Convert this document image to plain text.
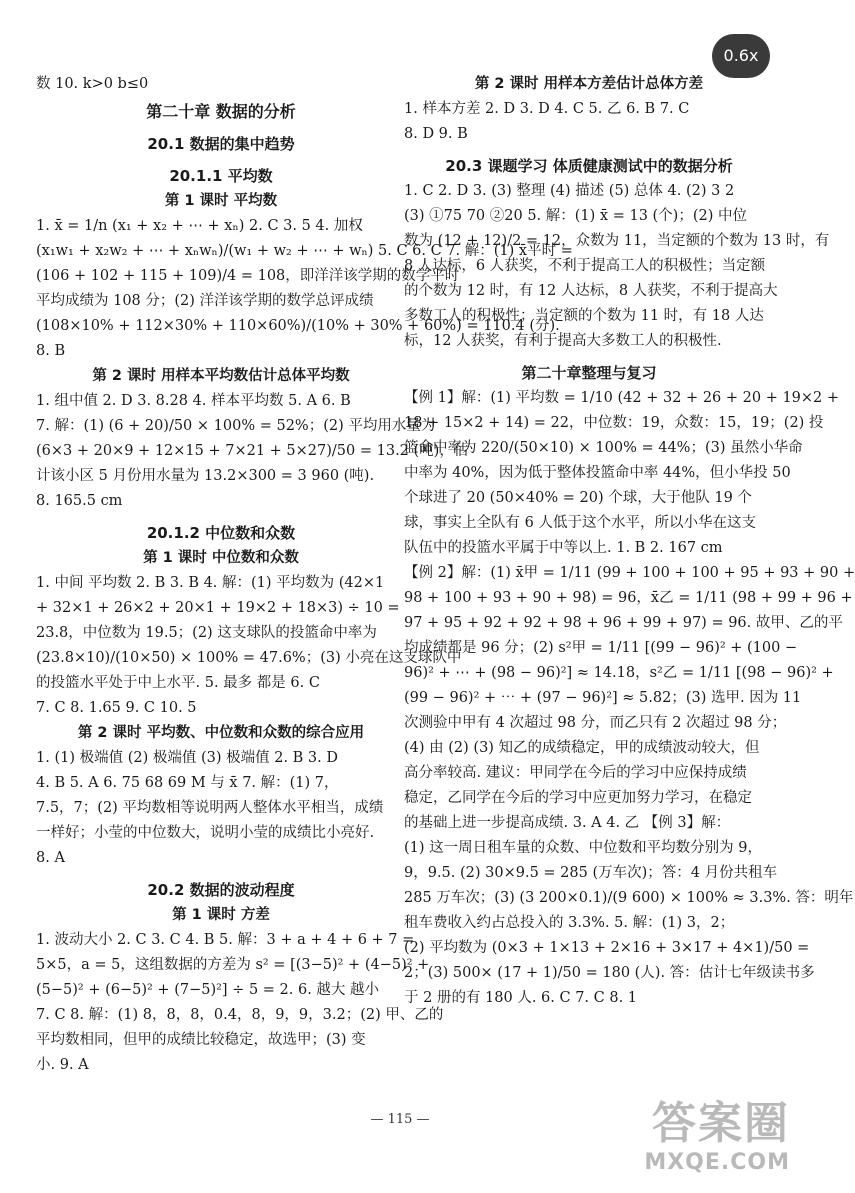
0.6x
数 10. k>0 b≤0
第二十章 数据的分析
20.1 数据的集中趋势
20.1.1 平均数
第 1 课时 平均数
1. x̄ = 1/n (x₁ + x₂ + ⋯ + xₙ) 2. C 3. 5 4. 加权
(x₁w₁ + x₂w₂ + ⋯ + xₙwₙ)/(w₁ + w₂ + ⋯ + wₙ) 5. C 6. C 7. 解：(1) x̄平时 =
(106 + 102 + 115 + 109)/4 = 108，即洋洋该学期的数学平时
平均成绩为 108 分；(2) 洋洋该学期的数学总评成绩
(108×10% + 112×30% + 110×60%)/(10% + 30% + 60%) = 110.4 (分).
8. B
第 2 课时 用样本平均数估计总体平均数
1. 组中值 2. D 3. 8.28 4. 样本平均数 5. A 6. B
7. 解：(1) (6 + 20)/50 × 100% = 52%；(2) 平均用水量为
(6×3 + 20×9 + 12×15 + 7×21 + 5×27)/50 = 13.2 (吨)，估
计该小区 5 月份用水量为 13.2×300 = 3 960 (吨).
8. 165.5 cm
20.1.2 中位数和众数
第 1 课时 中位数和众数
1. 中间 平均数 2. B 3. B 4. 解：(1) 平均数为 (42×1
+ 32×1 + 26×2 + 20×1 + 19×2 + 18×3) ÷ 10 =
23.8，中位数为 19.5；(2) 这支球队的投篮命中率为
(23.8×10)/(10×50) × 100% = 47.6%；(3) 小亮在这支球队中
的投篮水平处于中上水平. 5. 最多 都是 6. C
7. C 8. 1.65 9. C 10. 5
第 2 课时 平均数、中位数和众数的综合应用
1. (1) 极端值 (2) 极端值 (3) 极端值 2. B 3. D
4. B 5. A 6. 75 68 69 M 与 x̄ 7. 解：(1) 7，
7.5，7；(2) 平均数相等说明两人整体水平相当，成绩
一样好；小莹的中位数大，说明小莹的成绩比小亮好.
8. A
20.2 数据的波动程度
第 1 课时 方差
1. 波动大小 2. C 3. C 4. B 5. 解：3 + a + 4 + 6 + 7 =
5×5，a = 5，这组数据的方差为 s² = [(3−5)² + (4−5)² +
(5−5)² + (6−5)² + (7−5)²] ÷ 5 = 2. 6. 越大 越小
7. C 8. 解：(1) 8，8，8，0.4，8，9，9，3.2；(2) 甲、乙的
平均数相同，但甲的成绩比较稳定，故选甲；(3) 变
小. 9. A
第 2 课时 用样本方差估计总体方差
1. 样本方差 2. D 3. D 4. C 5. 乙 6. B 7. C
8. D 9. B
20.3 课题学习 体质健康测试中的数据分析
1. C 2. D 3. (3) 整理 (4) 描述 (5) 总体 4. (2) 3 2
(3) ①75 70 ②20 5. 解：(1) x̄ = 13 (个)；(2) 中位
数为 (12 + 12)/2 = 12，众数为 11，当定额的个数为 13 时，有
8 人达标，6 人获奖，不利于提高工人的积极性；当定额
的个数为 12 时，有 12 人达标，8 人获奖，不利于提高大
多数工人的积极性；当定额的个数为 11 时，有 18 人达
标，12 人获奖，有利于提高大多数工人的积极性.
第二十章整理与复习
【例 1】解：(1) 平均数 = 1/10 (42 + 32 + 26 + 20 + 19×2 +
18 + 15×2 + 14) = 22，中位数：19，众数：15，19；(2) 投
篮命中率为 220/(50×10) × 100% = 44%；(3) 虽然小华命
中率为 40%，因为低于整体投篮命中率 44%，但小华投 50
个球进了 20 (50×40% = 20) 个球，大于他队 19 个
球，事实上全队有 6 人低于这个水平，所以小华在这支
队伍中的投篮水平属于中等以上. 1. B 2. 167 cm
【例 2】解：(1) x̄甲 = 1/11 (99 + 100 + 100 + 95 + 93 + 90 +
98 + 100 + 93 + 90 + 98) = 96，x̄乙 = 1/11 (98 + 99 + 96 +
97 + 95 + 92 + 92 + 98 + 96 + 99 + 97) = 96. 故甲、乙的平
均成绩都是 96 分；(2) s²甲 = 1/11 [(99 − 96)² + (100 −
96)² + ⋯ + (98 − 96)²] ≈ 14.18，s²乙 = 1/11 [(98 − 96)² +
(99 − 96)² + ⋯ + (97 − 96)²] ≈ 5.82；(3) 选甲. 因为 11
次测验中甲有 4 次超过 98 分，而乙只有 2 次超过 98 分；
(4) 由 (2) (3) 知乙的成绩稳定，甲的成绩波动较大，但
高分率较高. 建议：甲同学在今后的学习中应保持成绩
稳定，乙同学在今后的学习中应更加努力学习，在稳定
的基础上进一步提高成绩. 3. A 4. 乙 【例 3】解：
(1) 这一周日租车量的众数、中位数和平均数分别为 9，
9，9.5. (2) 30×9.5 = 285 (万车次)；答：4 月份共租车
285 万车次；(3) (3 200×0.1)/(9 600) × 100% ≈ 3.3%. 答：明年
租车费收入约占总投入的 3.3%. 5. 解：(1) 3，2；
(2) 平均数为 (0×3 + 1×13 + 2×16 + 3×17 + 4×1)/50 =
2；(3) 500× (17 + 1)/50 = 180 (人). 答：估计七年级读书多
于 2 册的有 180 人. 6. C 7. C 8. 1
— 115 —	答案圈
MXQE.COM
